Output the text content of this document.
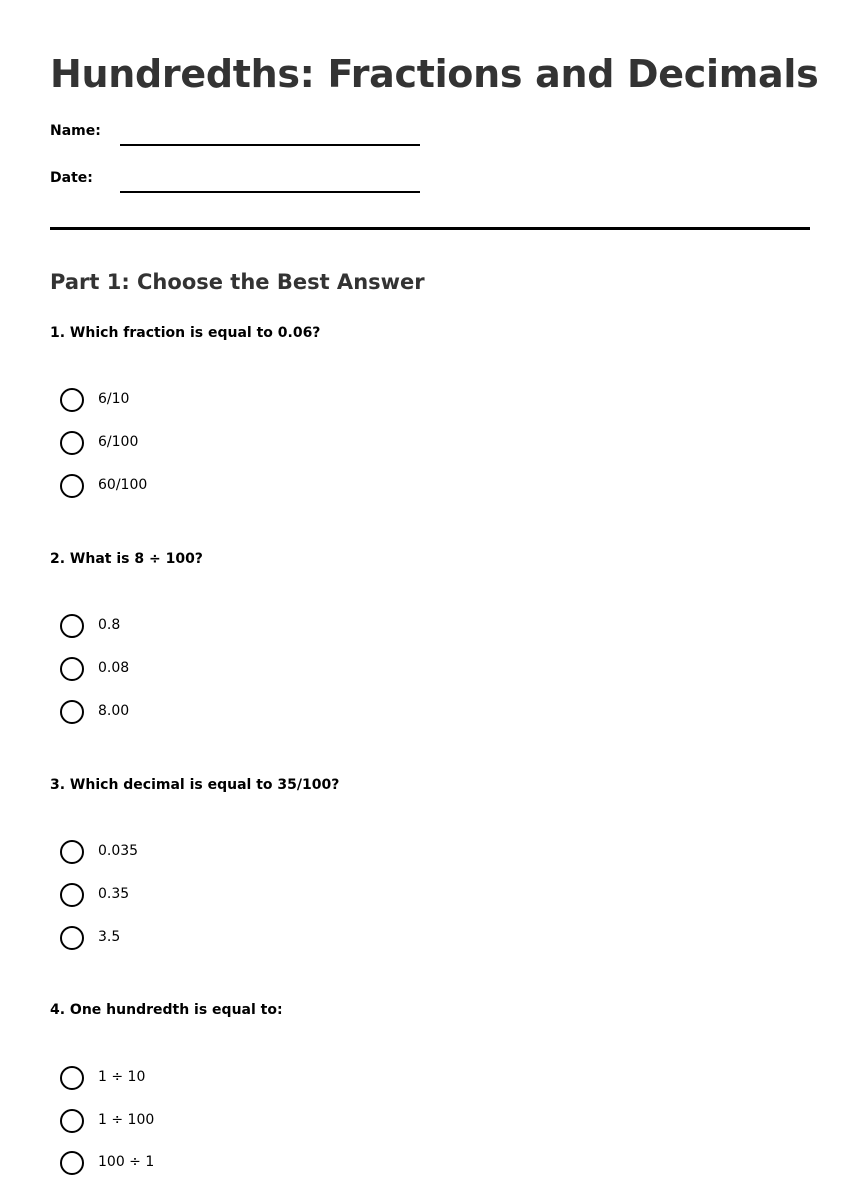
Hundredths: Fractions and Decimals
Name:
Date:
Part 1: Choose the Best Answer
1. Which fraction is equal to 0.06?
6/10
6/100
60/100
2. What is 8 ÷ 100?
0.8
0.08
8.00
3. Which decimal is equal to 35/100?
0.035
0.35
3.5
4. One hundredth is equal to:
1 ÷ 10
1 ÷ 100
100 ÷ 1
